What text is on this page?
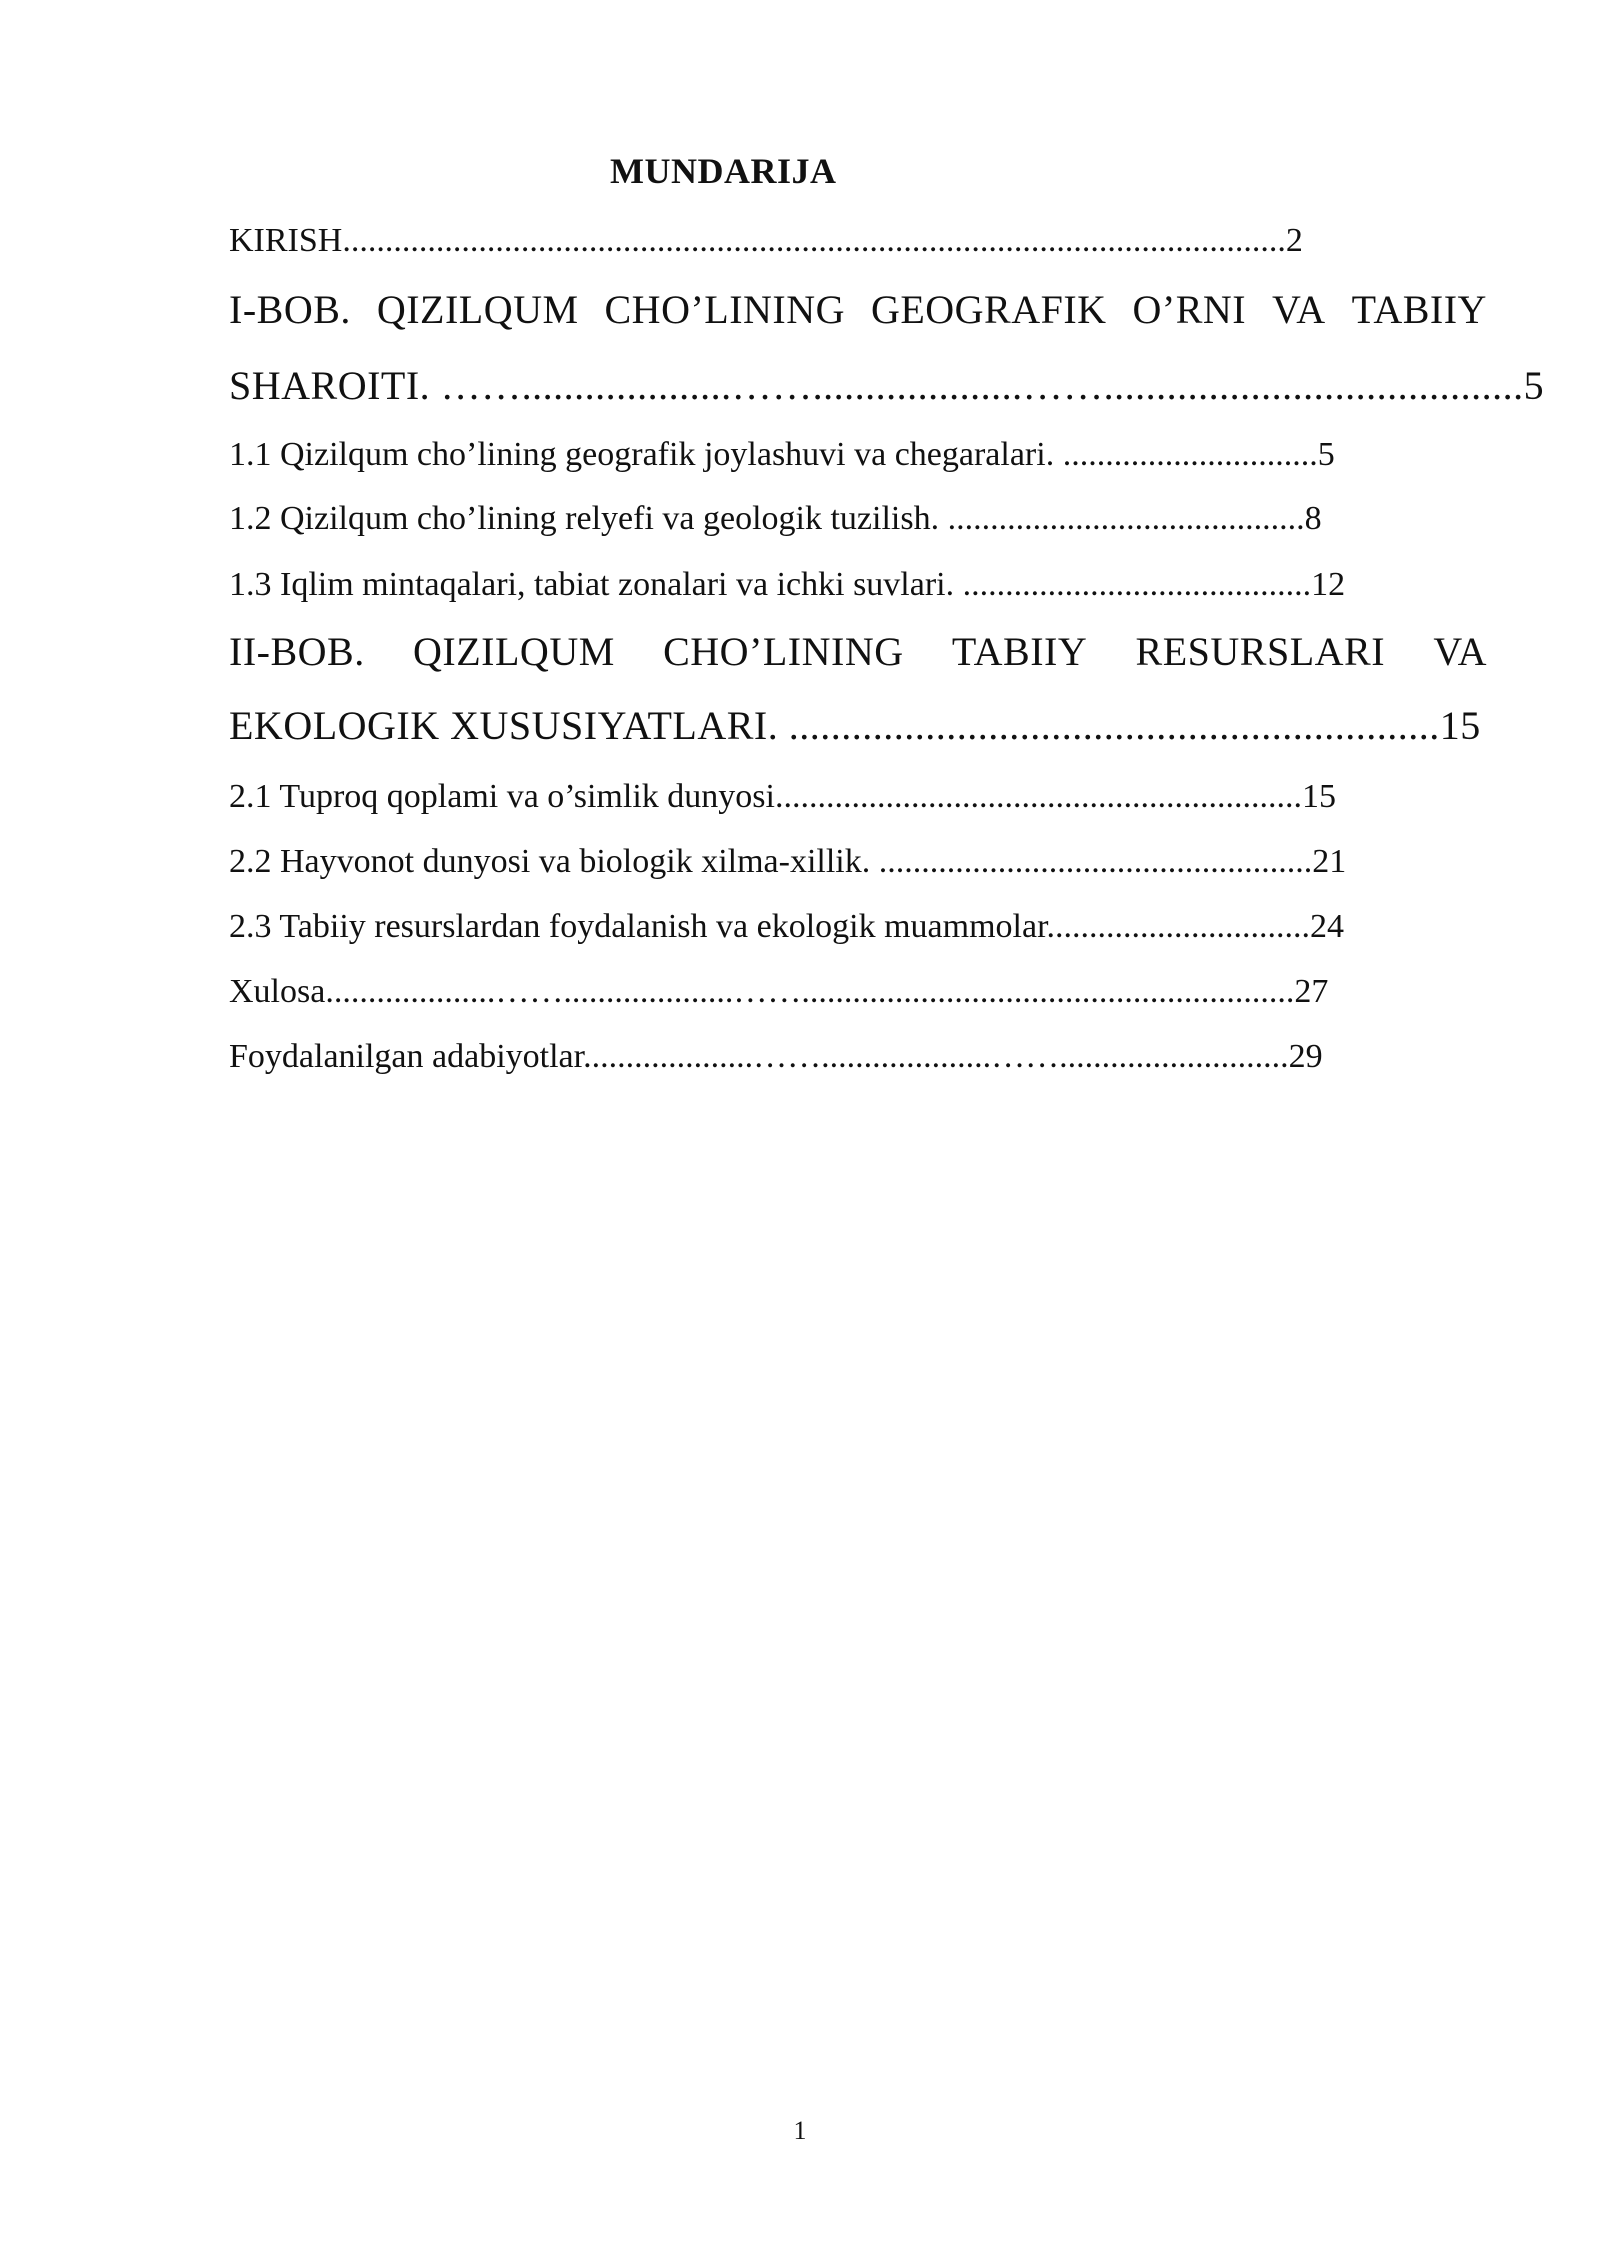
MUNDARIJA
KIRISH...............................................................................................................2
I-BOB. QIZILQUM CHO’LINING GEOGRAFIK O’RNI VA TABIIY
SHAROITI. ……....................……....................……........................................5
1.1 Qizilqum cho’lining geografik joylashuvi va chegaralari. ..............................5
1.2 Qizilqum cho’lining relyefi va geologik tuzilish. ..........................................8
1.3 Iqlim mintaqalari, tabiat zonalari va ichki suvlari. .........................................12
II-BOB. QIZILQUM CHO’LINING TABIIY RESURSLARI VA
EKOLOGIK XUSUSIYATLARI. ..............................................................15
2.1 Tuproq qoplami va o’simlik dunyosi..............................................................15
2.2 Hayvonot dunyosi va biologik xilma-xillik. ...................................................21
2.3 Tabiiy resurslardan foydalanish va ekologik muammolar...............................24
Xulosa....................……....................……..........................................................27
Foydalanilgan adabiyotlar....................……....................……...........................29
1
